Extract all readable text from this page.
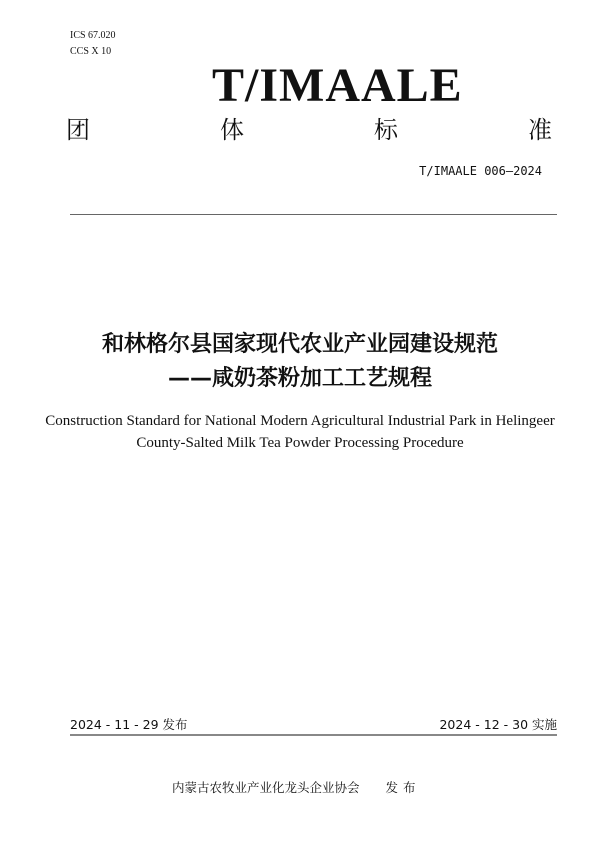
ICS 67.020
CCS X 10
T/IMAALE
团	体	标	准
T/IMAALE 006—2024
和林格尔县国家现代农业产业园建设规范
——咸奶茶粉加工工艺规程
Construction Standard for National Modern Agricultural Industrial Park in Helingeer
County-Salted Milk Tea Powder Processing Procedure
2024 - 11 - 29 发布	2024 - 12 - 30 实施
内蒙古农牧业产业化龙头企业协会 发布
